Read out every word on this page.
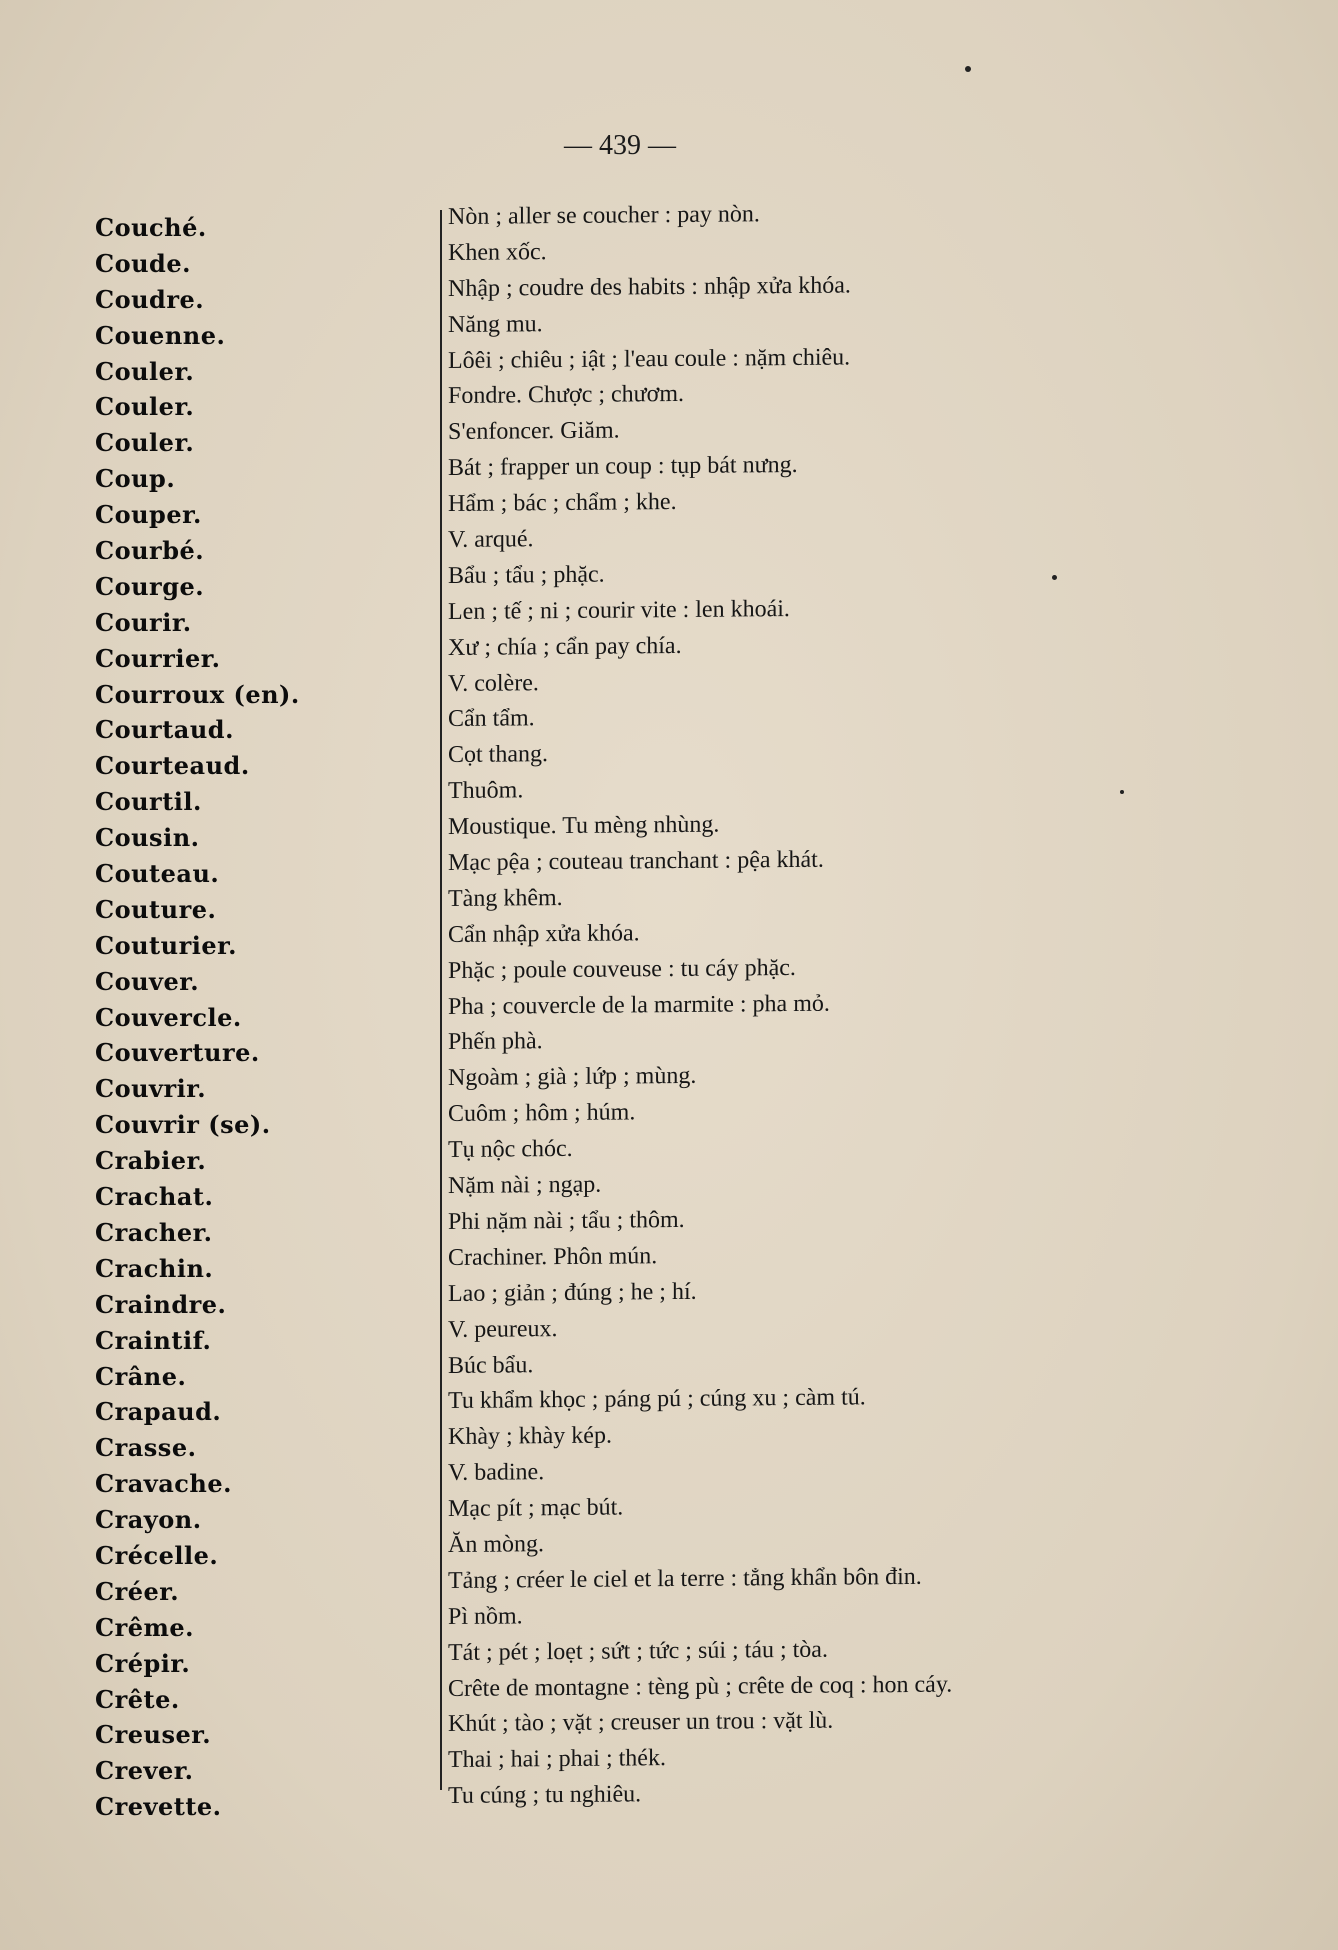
— 439 —
Couché.
Coude.
Coudre.
Couenne.
Couler.
Couler.
Couler.
Coup.
Couper.
Courbé.
Courge.
Courir.
Courrier.
Courroux (en).
Courtaud.
Courteaud.
Courtil.
Cousin.
Couteau.
Couture.
Couturier.
Couver.
Couvercle.
Couverture.
Couvrir.
Couvrir (se).
Crabier.
Crachat.
Cracher.
Crachin.
Craindre.
Craintif.
Crâne.
Crapaud.
Crasse.
Cravache.
Crayon.
Crécelle.
Créer.
Crême.
Crépir.
Crête.
Creuser.
Crever.
Crevette.
Nòn ; aller se coucher : pay nòn.
Khen xốc.
Nhập ; coudre des habits : nhập xửa khóa.
Năng mu.
Lôêi ; chiêu ; iật ; l'eau coule : nặm chiêu.
Fondre. Chược ; chươm.
S'enfoncer. Giăm.
Bát ; frapper un coup : tụp bát nưng.
Hẩm ; bác ; chẩm ; khe.
V. arqué.
Bẩu ; tẩu ; phặc.
Len ; tế ; ni ; courir vite : len khoái.
Xư ; chía ; cẩn pay chía.
V. colère.
Cẩn tẩm.
Cọt thang.
Thuôm.
Moustique. Tu mèng nhùng.
Mạc pệa ; couteau tranchant : pệa khát.
Tàng khêm.
Cẩn nhập xửa khóa.
Phặc ; poule couveuse : tu cáy phặc.
Pha ; couvercle de la marmite : pha mỏ.
Phến phà.
Ngoàm ; già ; lứp ; mùng.
Cuôm ; hôm ; húm.
Tụ nộc chóc.
Nặm nài ; ngạp.
Phi nặm nài ; tẩu ; thôm.
Crachiner. Phôn mún.
Lao ; giản ; đúng ; he ; hí.
V. peureux.
Búc bẩu.
Tu khẩm khọc ; páng pú ; cúng xu ; càm tú.
Khày ; khày kép.
V. badine.
Mạc pít ; mạc bút.
Ăn mòng.
Tảng ; créer le ciel et la terre : tẳng khẩn bôn đin.
Pì nồm.
Tát ; pét ; loẹt ; sứt ; tức ; súi ; táu ; tòa.
Crête de montagne : tèng pù ; crête de coq : hon cáy.
Khút ; tào ; vặt ; creuser un trou : vặt lù.
Thai ; hai ; phai ; thék.
Tu cúng ; tu nghiêu.
